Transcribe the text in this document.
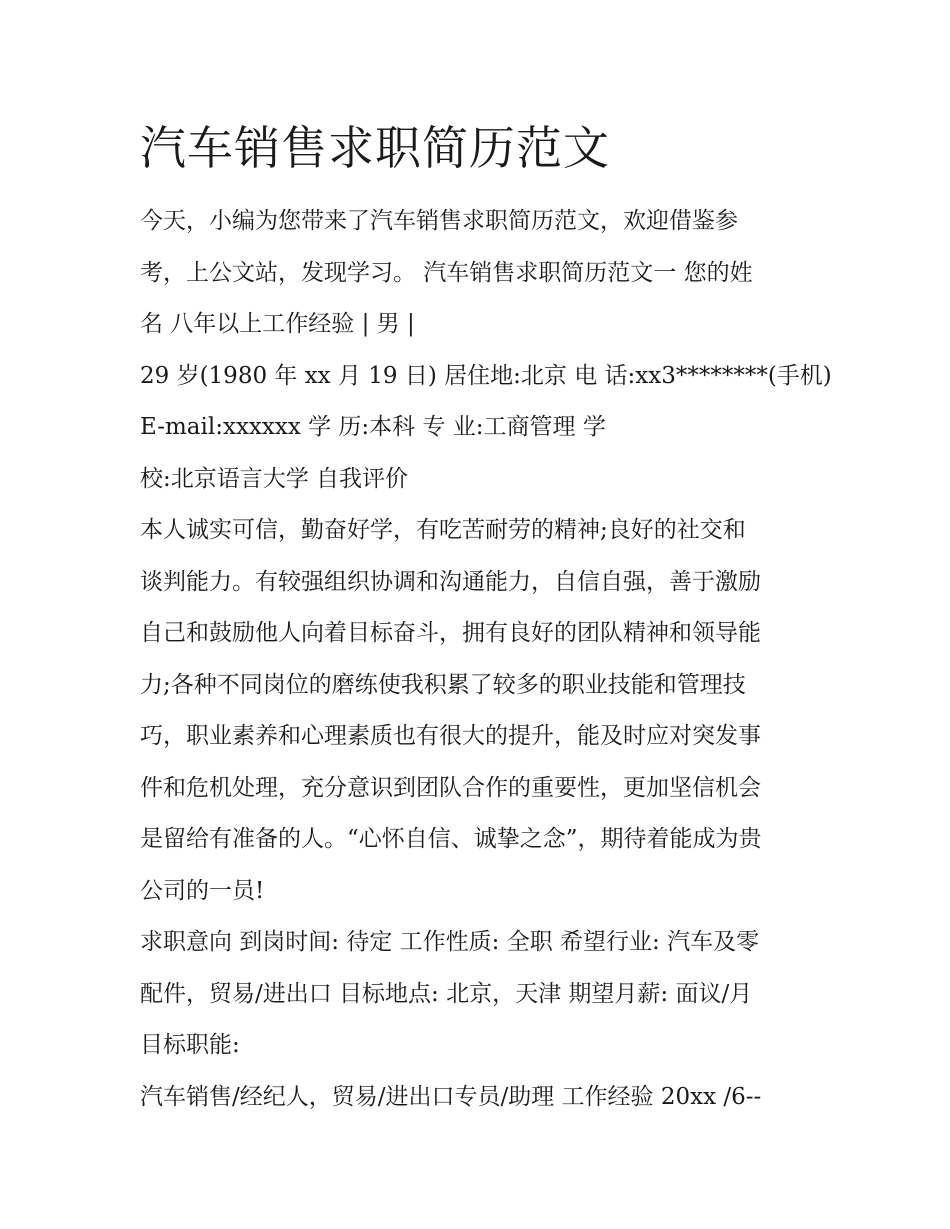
汽车销售求职简历范文
今天，小编为您带来了汽车销售求职简历范文，欢迎借鉴参
考，上公文站，发现学习。 汽车销售求职简历范文一 您的姓
名 八年以上工作经验 | 男 |
29 岁(1980 年 xx 月 19 日) 居住地:北京 电 话:xx3********(手机)
E-mail:xxxxxx 学 历:本科 专 业:工商管理 学
校:北京语言大学 自我评价
本人诚实可信，勤奋好学，有吃苦耐劳的精神;良好的社交和
谈判能力。有较强组织协调和沟通能力，自信自强，善于激励
自己和鼓励他人向着目标奋斗，拥有良好的团队精神和领导能
力;各种不同岗位的磨练使我积累了较多的职业技能和管理技
巧，职业素养和心理素质也有很大的提升，能及时应对突发事
件和危机处理，充分意识到团队合作的重要性，更加坚信机会
是留给有准备的人。“心怀自信、诚挚之念”，期待着能成为贵
公司的一员!
求职意向 到岗时间: 待定 工作性质: 全职 希望行业: 汽车及零
配件，贸易/进出口 目标地点: 北京，天津 期望月薪: 面议/月
目标职能:
汽车销售/经纪人，贸易/进出口专员/助理 工作经验 20xx /6--
